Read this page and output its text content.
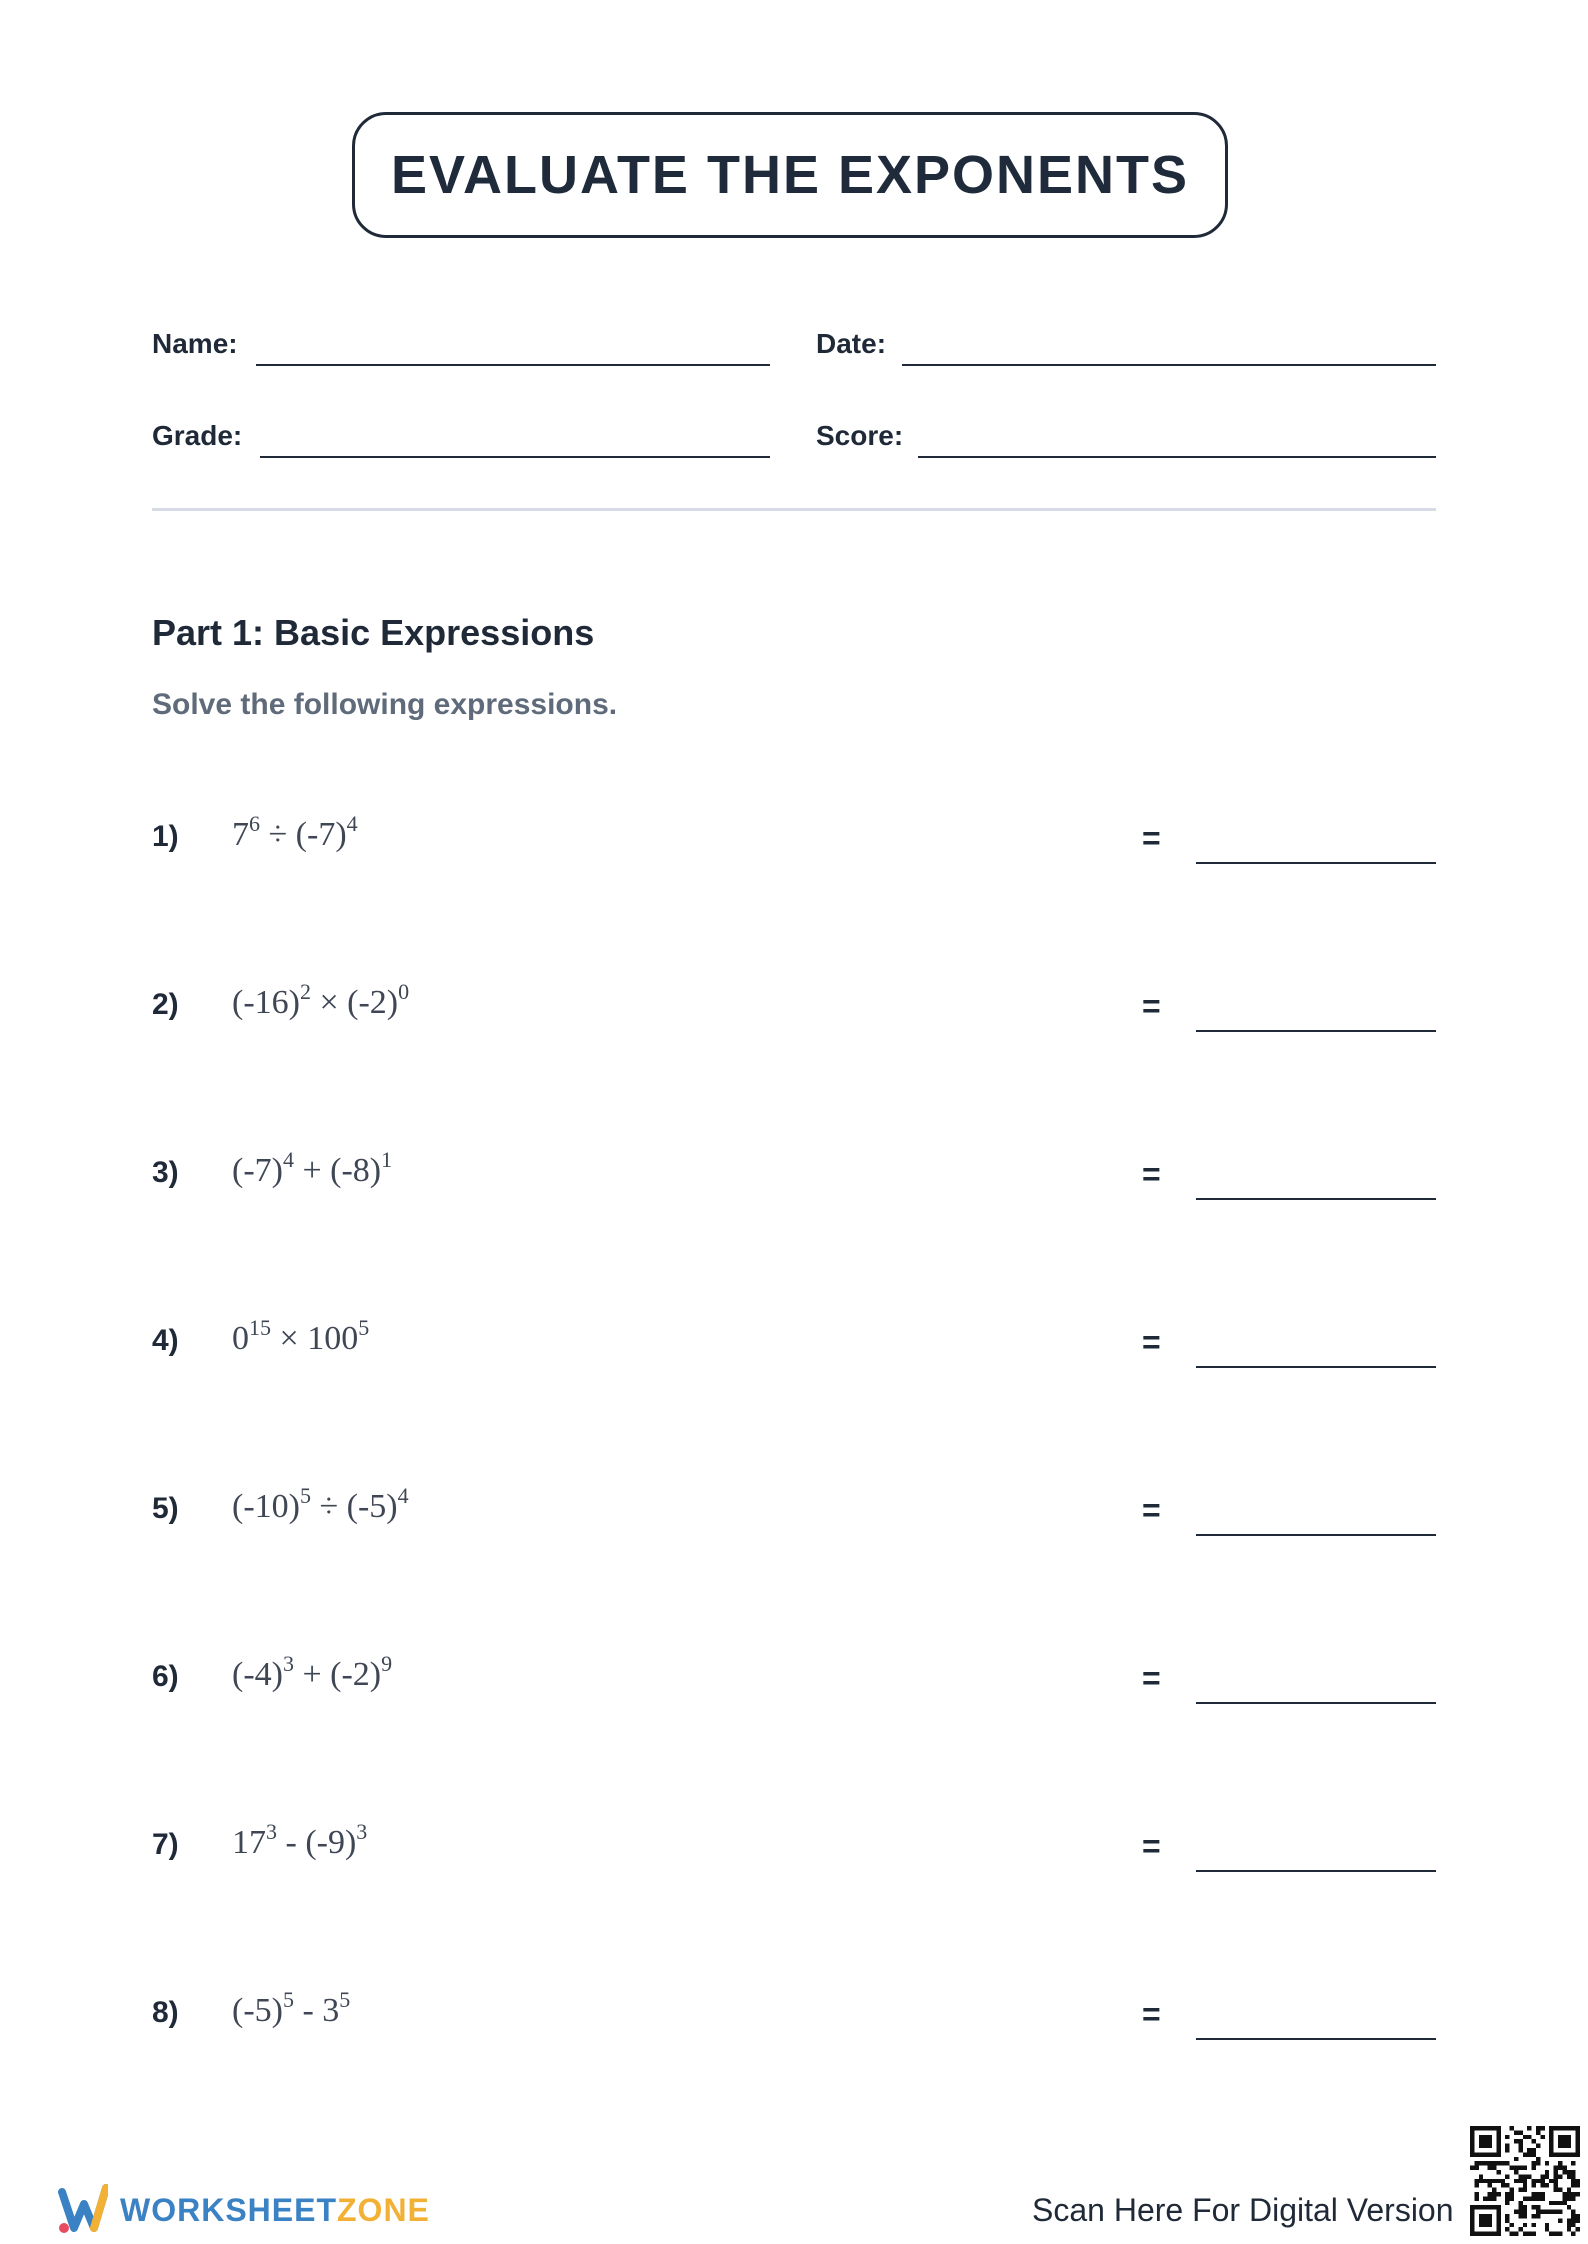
EVALUATE THE EXPONENTS
Name:	Date:
Grade:	Score:
Part 1: Basic Expressions
Solve the following expressions.
1) $7^6 \div (-7)^4$	=
2) $(-16)^2 \times (-2)^0$	=
3) $(-7)^4 + (-8)^1$	=
4) $0^{15} \times 100^5$	=
5) $(-10)^5 \div (-5)^4$	=
6) $(-4)^3 + (-2)^9$	=
7) $17^3 - (-9)^3$	=
8) $(-5)^5 - 3^5$	=
WORKSHEETZONE	Scan Here For Digital Version
